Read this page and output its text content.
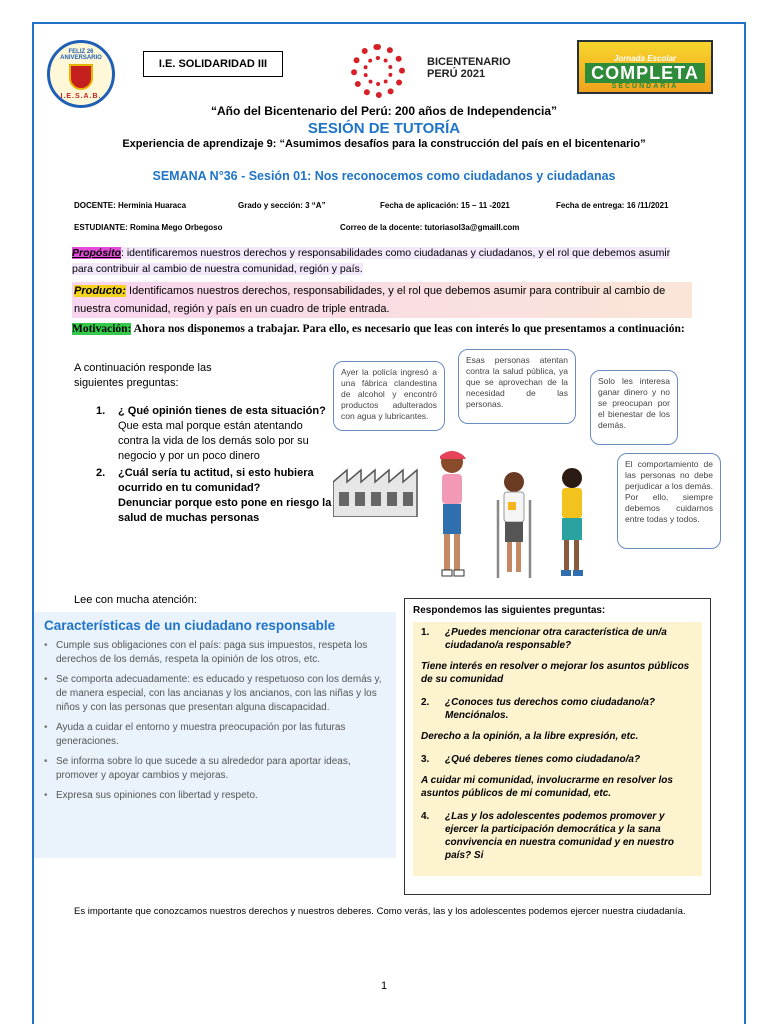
FELIZ 26 ANIVERSARIO
I.E.S.A.B.
I.E. SOLIDARIDAD III	BICENTENARIO
PERÚ 2021
Jornada Escolar
COMPLETA
SECUNDARIA
“Año del Bicentenario del Perú: 200 años de Independencia”
SESIÓN DE TUTORÍA
Experiencia de aprendizaje 9: “Asumimos desafíos para la construcción del país en el bicentenario”
SEMANA N°36 - Sesión 01: Nos reconocemos como ciudadanos y ciudadanas
DOCENTE: Herminia Huaraca	Grado y sección: 3 “A”	Fecha de aplicación: 15 – 11 -2021	Fecha de entrega: 16 /11/2021
ESTUDIANTE: Romina Mego Orbegoso	Correo de la docente: tutoriasol3a@gmaill.com
Propósito: identificaremos nuestros derechos y responsabilidades como ciudadanas y ciudadanos, y el rol que debemos asumir para contribuir al cambio de nuestra comunidad, región y país.
Producto: Identificamos nuestros derechos, responsabilidades, y el rol que debemos asumir para contribuir al cambio de nuestra comunidad, región y país en un cuadro de triple entrada.
Motivación: Ahora nos disponemos a trabajar. Para ello, es necesario que leas con interés lo que presentamos a continuación:
A continuación responde las siguientes preguntas:
1.	¿ Qué opinión tienes de esta situación?
Que esta mal porque están atentando contra la vida de los demás solo por su negocio y por un poco dinero
2.	¿Cuál sería tu actitud, si esto hubiera ocurrido en tu comunidad?
Denunciar porque esto pone en riesgo la salud de muchas personas
Ayer la policía ingresó a una fábrica clandestina de alcohol y encontró productos adulterados con agua y lubricantes.
Esas personas atentan contra la salud pública, ya que se aprovechan de la necesidad de las personas.
Solo les interesa ganar dinero y no se preocupan por el bienestar de los demás.
El comportamiento de las personas no debe perjudicar a los demás. Por ello, siempre debemos cuidarnos entre todas y todos.
Lee con mucha atención:
Características de un ciudadano responsable
• Cumple sus obligaciones con el país: paga sus impuestos, respeta los derechos de los demás, respeta la opinión de los otros, etc.
• Se comporta adecuadamente: es educado y respetuoso con los demás y, de manera especial, con las ancianas y los ancianos, con las niñas y los niños y con las personas que presentan alguna discapacidad.
• Ayuda a cuidar el entorno y muestra preocupación por las futuras generaciones.
• Se informa sobre lo que sucede a su alrededor para aportar ideas, promover y apoyar cambios y mejoras.
• Expresa sus opiniones con libertad y respeto.
Respondemos las siguientes preguntas:
1.	¿Puedes mencionar otra característica de un/a ciudadano/a responsable?
Tiene interés en resolver o mejorar los asuntos públicos de su comunidad
2.	¿Conoces tus derechos como ciudadano/a? Menciónalos.
Derecho a la opinión, a la libre expresión, etc.
3.	¿Qué deberes tienes como ciudadano/a?
A cuidar mi comunidad, involucrarme en resolver los asuntos públicos de mi comunidad, etc.
4.	¿Las y los adolescentes podemos promover y ejercer la participación democrática y la sana convivencia en nuestra comunidad y en nuestro país? Si
Es importante que conozcamos nuestros derechos y nuestros deberes. Como verás, las y los adolescentes podemos ejercer nuestra ciudadanía.
1
